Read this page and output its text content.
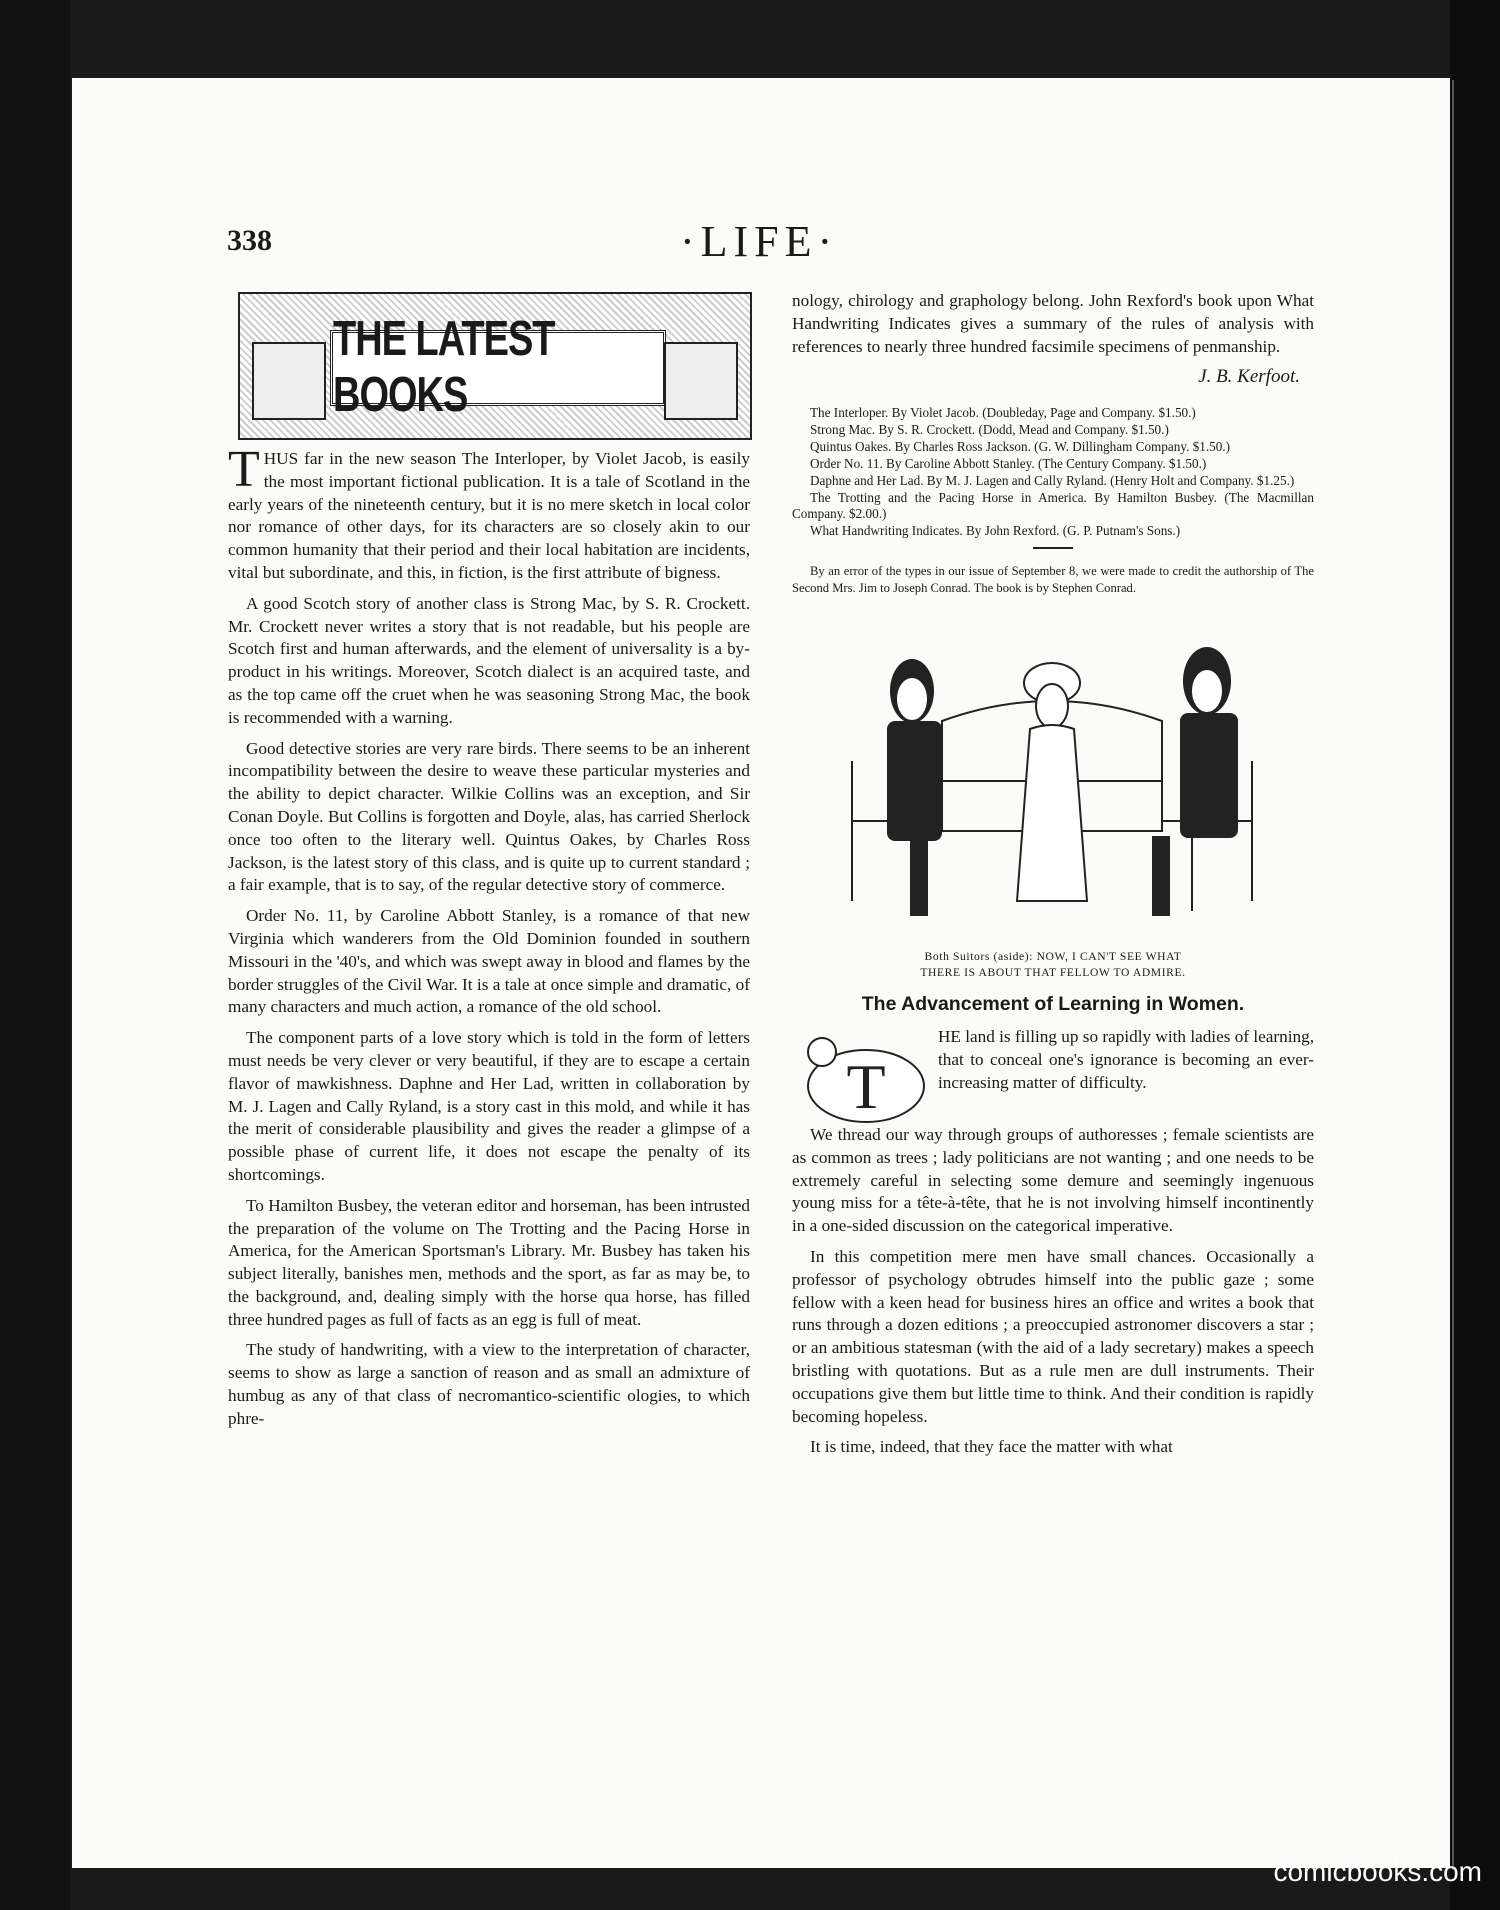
338	·LIFE·
THE LATEST BOOKS

THUS far in the new season The Interloper, by Violet Jacob, is easily the most important fictional publication. It is a tale of Scotland in the early years of the nineteenth century, but it is no mere sketch in local color nor romance of other days, for its characters are so closely akin to our common humanity that their period and their local habitation are incidents, vital but subordinate, and this, in fiction, is the first attribute of bigness.

A good Scotch story of another class is Strong Mac, by S. R. Crockett. Mr. Crockett never writes a story that is not readable, but his people are Scotch first and human afterwards, and the element of universality is a by-product in his writings. Moreover, Scotch dialect is an acquired taste, and as the top came off the cruet when he was seasoning Strong Mac, the book is recommended with a warning.

Good detective stories are very rare birds. There seems to be an inherent incompatibility between the desire to weave these particular mysteries and the ability to depict character. Wilkie Collins was an exception, and Sir Conan Doyle. But Collins is forgotten and Doyle, alas, has carried Sherlock once too often to the literary well. Quintus Oakes, by Charles Ross Jackson, is the latest story of this class, and is quite up to current standard ; a fair example, that is to say, of the regular detective story of commerce.

Order No. 11, by Caroline Abbott Stanley, is a romance of that new Virginia which wanderers from the Old Dominion founded in southern Missouri in the '40's, and which was swept away in blood and flames by the border struggles of the Civil War. It is a tale at once simple and dramatic, of many characters and much action, a romance of the old school.

The component parts of a love story which is told in the form of letters must needs be very clever or very beautiful, if they are to escape a certain flavor of mawkishness. Daphne and Her Lad, written in collaboration by M. J. Lagen and Cally Ryland, is a story cast in this mold, and while it has the merit of considerable plausibility and gives the reader a glimpse of a possible phase of current life, it does not escape the penalty of its shortcomings.

To Hamilton Busbey, the veteran editor and horseman, has been intrusted the preparation of the volume on The Trotting and the Pacing Horse in America, for the American Sportsman's Library. Mr. Busbey has taken his subject literally, banishes men, methods and the sport, as far as may be, to the background, and, dealing simply with the horse qua horse, has filled three hundred pages as full of facts as an egg is full of meat.

The study of handwriting, with a view to the interpretation of character, seems to show as large a sanction of reason and as small an admixture of humbug as any of that class of necromantico-scientific ologies, to which phre-

nology, chirology and graphology belong. John Rexford's book upon What Handwriting Indicates gives a summary of the rules of analysis with references to nearly three hundred facsimile specimens of penmanship.

J. B. Kerfoot.
The Interloper. By Violet Jacob. (Doubleday, Page and Company. $1.50.)
Strong Mac. By S. R. Crockett. (Dodd, Mead and Company. $1.50.)
Quintus Oakes. By Charles Ross Jackson. (G. W. Dillingham Company. $1.50.)
Order No. 11. By Caroline Abbott Stanley. (The Century Company. $1.50.)
Daphne and Her Lad. By M. J. Lagen and Cally Ryland. (Henry Holt and Company. $1.25.)
The Trotting and the Pacing Horse in America. By Hamilton Busbey. (The Macmillan Company. $2.00.)
What Handwriting Indicates. By John Rexford. (G. P. Putnam's Sons.)
By an error of the types in our issue of September 8, we were made to credit the authorship of The Second Mrs. Jim to Joseph Conrad. The book is by Stephen Conrad.
Both Suitors (aside): NOW, I CAN'T SEE WHAT
THERE IS ABOUT THAT FELLOW TO ADMIRE.
The Advancement of Learning in Women.
T

HE land is filling up so rapidly with ladies of learning, that to conceal one's ignorance is becoming an ever-increasing matter of difficulty.

We thread our way through groups of authoresses ; female scientists are as common as trees ; lady politicians are not wanting ; and one needs to be extremely careful in selecting some demure and seemingly ingenuous young miss for a tête-à-tête, that he is not involving himself incontinently in a one-sided discussion on the categorical imperative.

In this competition mere men have small chances. Occasionally a professor of psychology obtrudes himself into the public gaze ; some fellow with a keen head for business hires an office and writes a book that runs through a dozen editions ; a preoccupied astronomer discovers a star ; or an ambitious statesman (with the aid of a lady secretary) makes a speech bristling with quotations. But as a rule men are dull instruments. Their occupations give them but little time to think. And their condition is rapidly becoming hopeless.

It is time, indeed, that they face the matter with what

comicbooks.com
